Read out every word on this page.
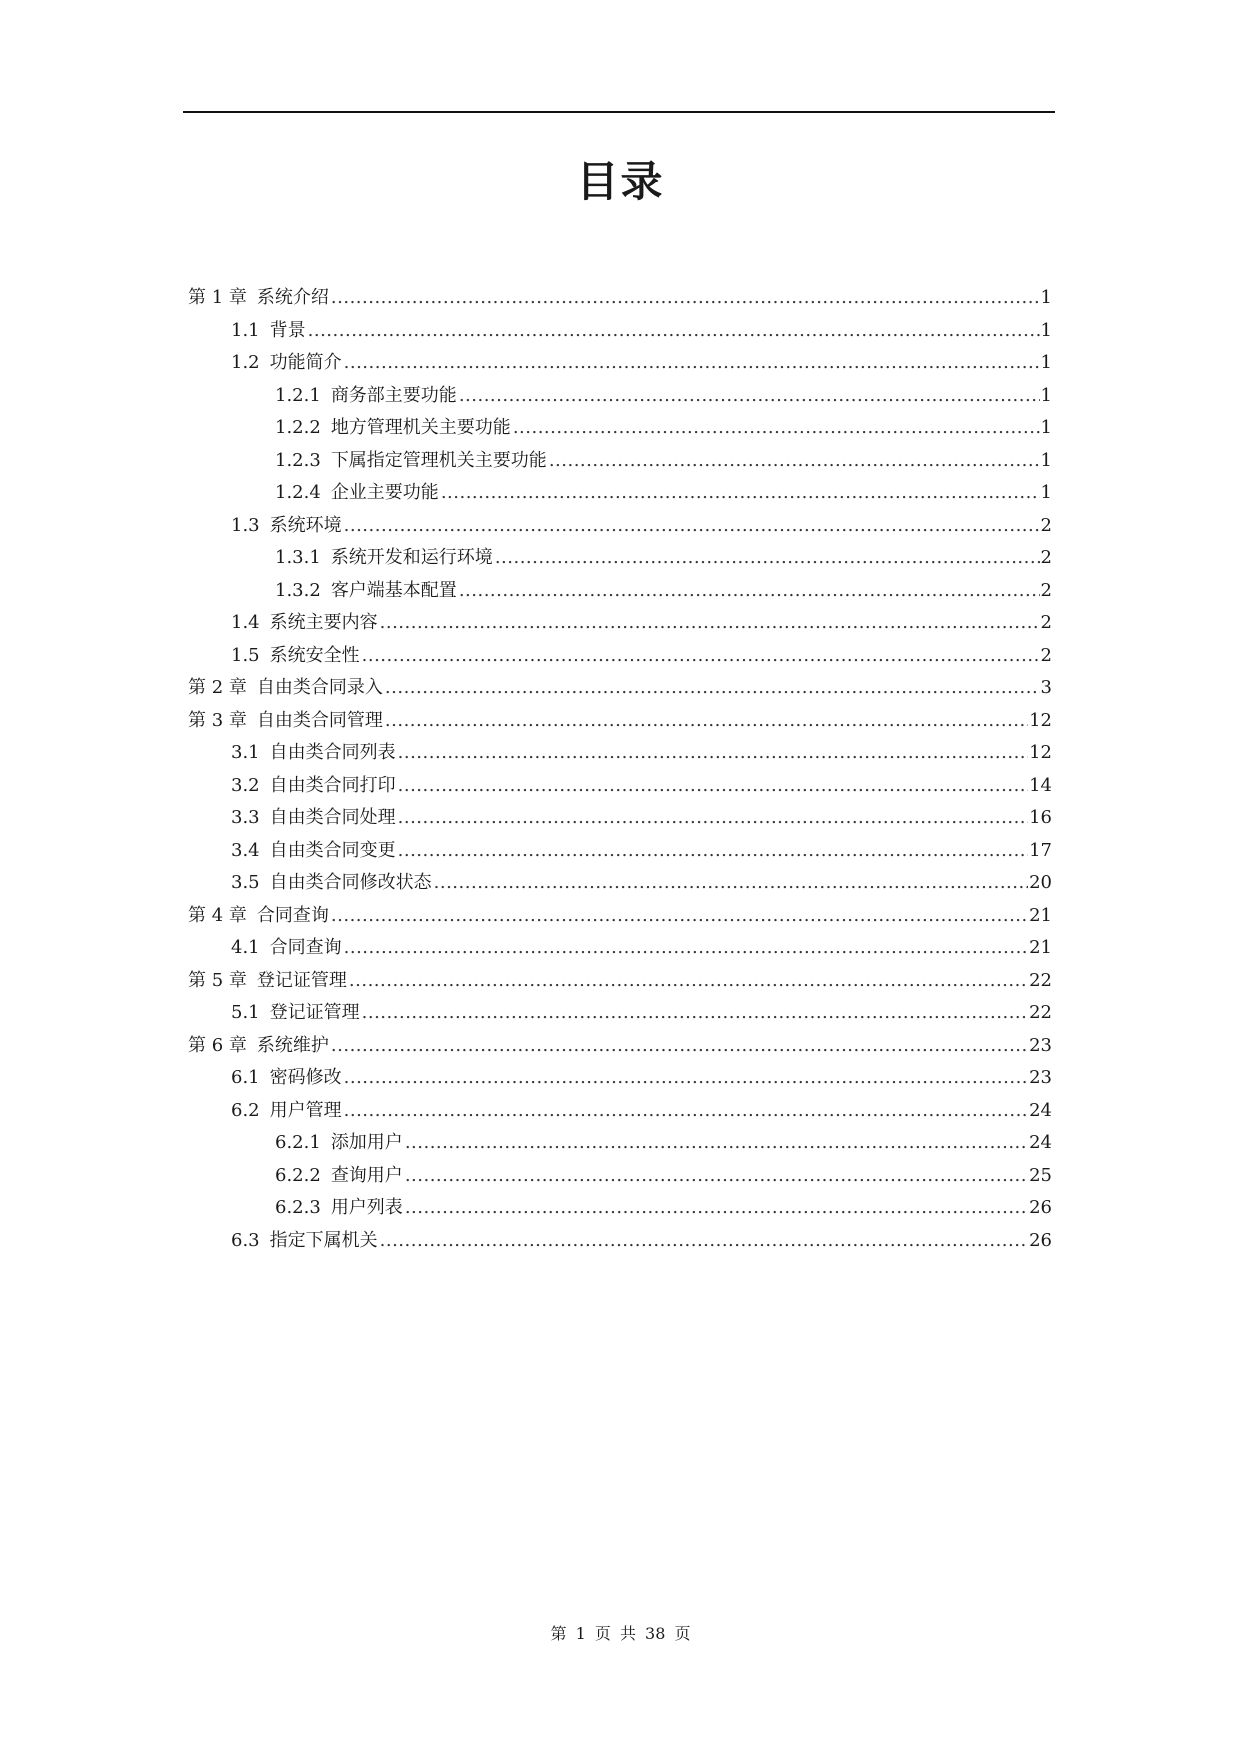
目录
第 1 章 系统介绍 .....	1
1.1 背景 .....	1
1.2 功能简介 .....	1
1.2.1 商务部主要功能 .....	1
1.2.2 地方管理机关主要功能 .....	1
1.2.3 下属指定管理机关主要功能 .....	1
1.2.4 企业主要功能 .....	1
1.3 系统环境 .....	2
1.3.1 系统开发和运行环境 .....	2
1.3.2 客户端基本配置 .....	2
1.4 系统主要内容 .....	2
1.5 系统安全性 .....	2
第 2 章 自由类合同录入 .....	3
第 3 章 自由类合同管理 .....	12
3.1 自由类合同列表 .....	12
3.2 自由类合同打印 .....	14
3.3 自由类合同处理 .....	16
3.4 自由类合同变更 .....	17
3.5 自由类合同修改状态 .....	20
第 4 章 合同查询 .....	21
4.1 合同查询 .....	21
第 5 章 登记证管理 .....	22
5.1 登记证管理 .....	22
第 6 章 系统维护 .....	23
6.1 密码修改 .....	23
6.2 用户管理 .....	24
6.2.1 添加用户 .....	24
6.2.2 查询用户 .....	25
6.2.3 用户列表 .....	26
6.3 指定下属机关 .....	26
第 1 页 共 38 页
